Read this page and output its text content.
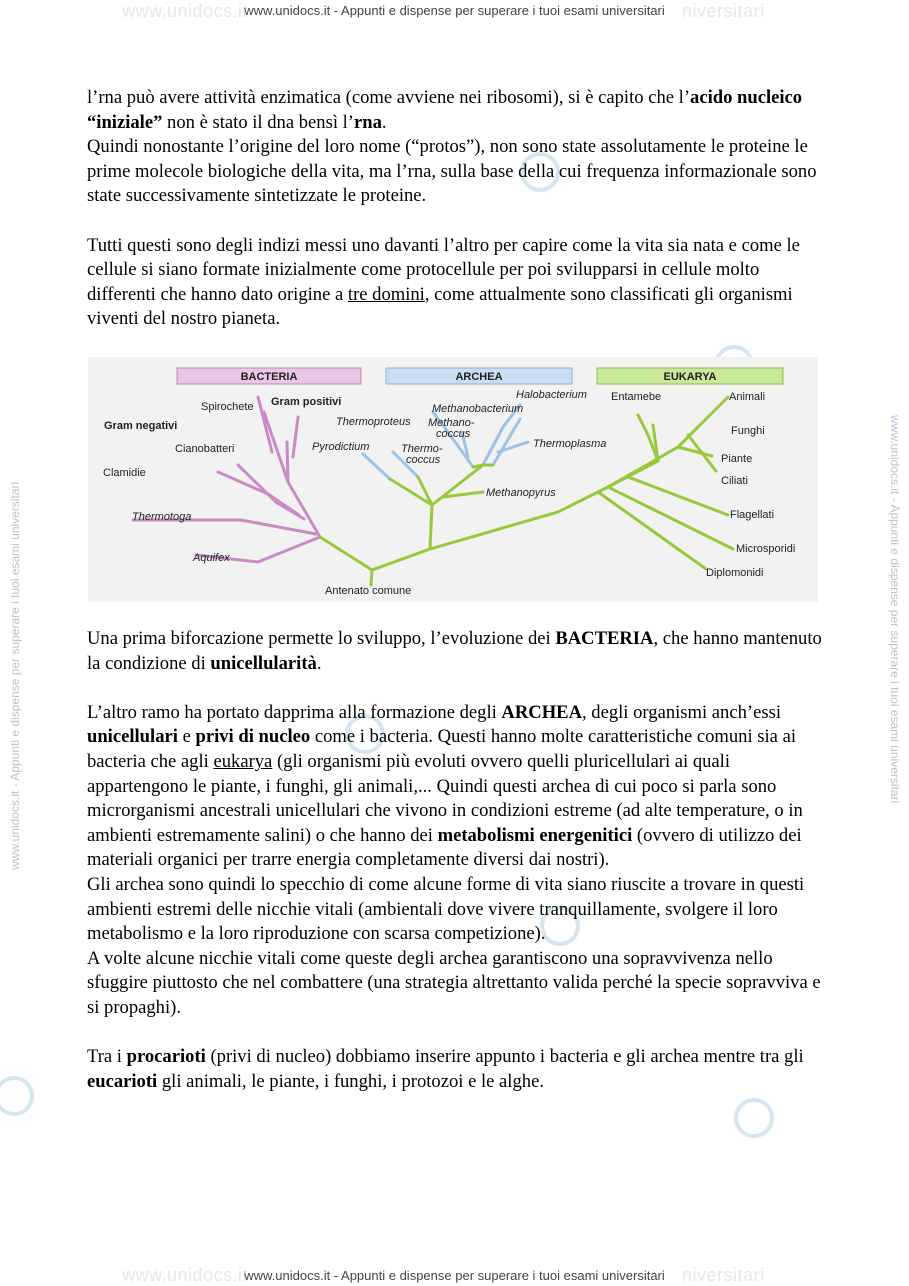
www.unidocs.it	niversitari
www.unidocs.it - Appunti e dispense per superare i tuoi esami universitari
www.unidocs.it	niversitari
www.unidocs.it - Appunti e dispense per superare i tuoi esami universitari
www.unidocs.it - Appunti e dispense per superare i tuoi esami universitari	www.unidocs.it - Appunti e dispense per superare i tuoi esami universitari

l’rna può avere attività enzimatica (come avviene nei ribosomi), si è capito che l’acido nucleico “iniziale” non è stato il dna bensì l’rna.
Quindi nonostante l’origine del loro nome (“protos”), non sono state assolutamente le proteine le prime molecole biologiche della vita, ma l’rna, sulla base della cui frequenza informazionale sono state successivamente sintetizzate le proteine.

Tutti questi sono degli indizi messi uno davanti l’altro per capire come la vita sia nata e come le cellule si siano formate inizialmente come protocellule per poi svilupparsi in cellule molto differenti che hanno dato origine a tre domini, come attualmente sono classificati gli organismi viventi del nostro pianeta.

BACTERIA	ARCHEA	EUKARYA
Gram negativi
Spirochete Gram positivi
Cianobatteri
Clamidie
Thermotoga
Aquifex
Halobacterium
Methanobacterium
Thermoproteus Methano-
coccus
Pyrodictium	Thermo-
coccus
Thermoplasma
Methanopyrus
Entamebe	Animali
Funghi
Piante
Ciliati
Flagellati
Microsporidi
Diplomonidi
Antenato comune

Una prima biforcazione permette lo sviluppo, l’evoluzione dei BACTERIA, che hanno mantenuto la condizione di unicellularità.

L’altro ramo ha portato dapprima alla formazione degli ARCHEA, degli organismi anch’essi unicellulari e privi di nucleo come i bacteria. Questi hanno molte caratteristiche comuni sia ai bacteria che agli eukarya (gli organismi più evoluti ovvero quelli pluricellulari ai quali appartengono le piante, i funghi, gli animali,... Quindi questi archea di cui poco si parla sono microrganismi ancestrali unicellulari che vivono in condizioni estreme (ad alte temperature, o in ambienti estremamente salini) o che hanno dei metabolismi energenitici (ovvero di utilizzo dei materiali organici per trarre energia completamente diversi dai nostri).
Gli archea sono quindi lo specchio di come alcune forme di vita siano riuscite a trovare in questi ambienti estremi delle nicchie vitali (ambientali dove vivere tranquillamente, svolgere il loro metabolismo e la loro riproduzione con scarsa competizione).
A volte alcune nicchie vitali come queste degli archea garantiscono una sopravvivenza nello sfuggire piuttosto che nel combattere (una strategia altrettanto valida perché la specie sopravviva e si propaghi).

Tra i procarioti (privi di nucleo) dobbiamo inserire appunto i bacteria e gli archea mentre tra gli eucarioti gli animali, le piante, i funghi, i protozoi e le alghe.
